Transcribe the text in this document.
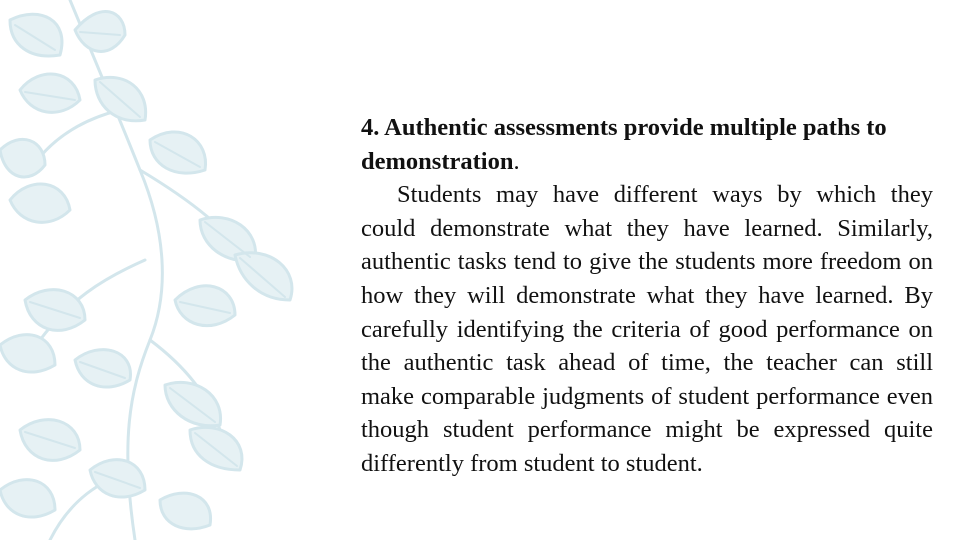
4. Authentic assessments provide multiple paths to demonstration.

Students may have different ways by which they could demonstrate what they have learned. Similarly, authentic tasks tend to give the students more freedom on how they will demonstrate what they have learned. By carefully identifying the criteria of good performance on the authentic task ahead of time, the teacher can still make comparable judgments of student performance even though student performance might be expressed quite differently from student to student.
